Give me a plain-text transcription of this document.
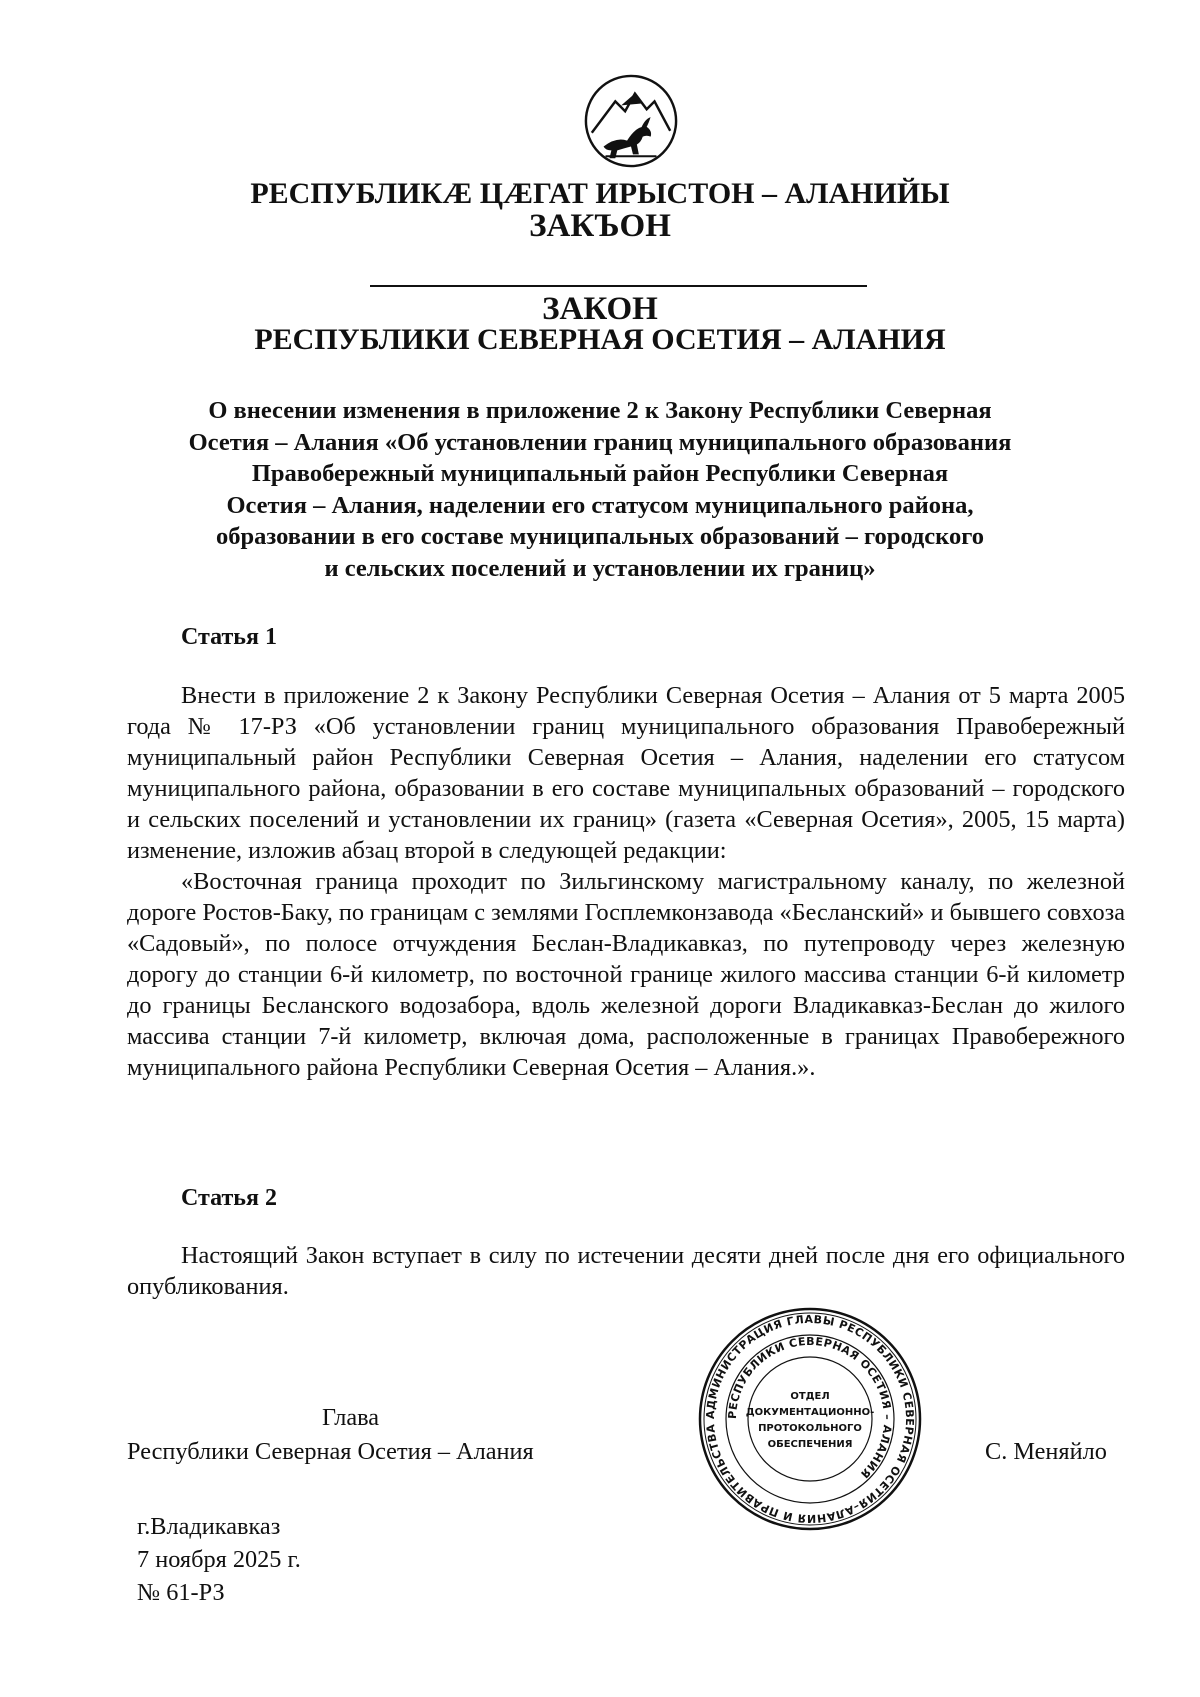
РЕСПУБЛИКӔ ЦӔГАТ ИРЫСТОН – АЛАНИЙЫ
ЗАКЪОН
ЗАКОН
РЕСПУБЛИКИ СЕВЕРНАЯ ОСЕТИЯ – АЛАНИЯ
О внесении изменения в приложение 2 к Закону Республики Северная
Осетия – Алания «Об установлении границ муниципального образования
Правобережный муниципальный район Республики Северная
Осетия – Алания, наделении его статусом муниципального района,
образовании в его составе муниципальных образований – городского
и сельских поселений и установлении их границ»
Статья 1

Внести в приложение 2 к Закону Республики Северная Осетия – Алания от 5 марта 2005 года № 17-РЗ «Об установлении границ муниципального образования Правобережный муниципальный район Республики Северная Осетия – Алания, наделении его статусом муниципального района, образовании в его составе муниципальных образований – городского и сельских поселений и установлении их границ» (газета «Северная Осетия», 2005, 15 марта) изменение, изложив абзац второй в следующей редакции:

«Восточная граница проходит по Зильгинскому магистральному каналу, по железной дороге Ростов-Баку, по границам с землями Госплемконзавода «Бесланский» и бывшего совхоза «Садовый», по полосе отчуждения Беслан-Владикавказ, по путепроводу через железную дорогу до станции 6-й километр, по восточной границе жилого массива станции 6-й километр до границы Бесланского водозабора, вдоль железной дороги Владикавказ-Беслан до жилого массива станции 7-й километр, включая дома, расположенные в границах Правобережного муниципального района Республики Северная Осетия – Алания.».

Статья 2

Настоящий Закон вступает в силу по истечении десяти дней после дня его официального опубликования.

Глава
Республики Северная Осетия – Алания
АДМИНИСТРАЦИЯ ГЛАВЫ РЕСПУБЛИКИ СЕВЕРНАЯ ОСЕТИЯ–АЛАНИЯ И ПРАВИТЕЛЬСТВА
РЕСПУБЛИКИ СЕВЕРНАЯ ОСЕТИЯ – АЛАНИЯ
ОТДЕЛ
ДОКУМЕНТАЦИОННО-
ПРОТОКОЛЬНОГО
ОБЕСПЕЧЕНИЯ	С. Меняйло
г.Владикавказ
7 ноября 2025 г.
№ 61-РЗ
